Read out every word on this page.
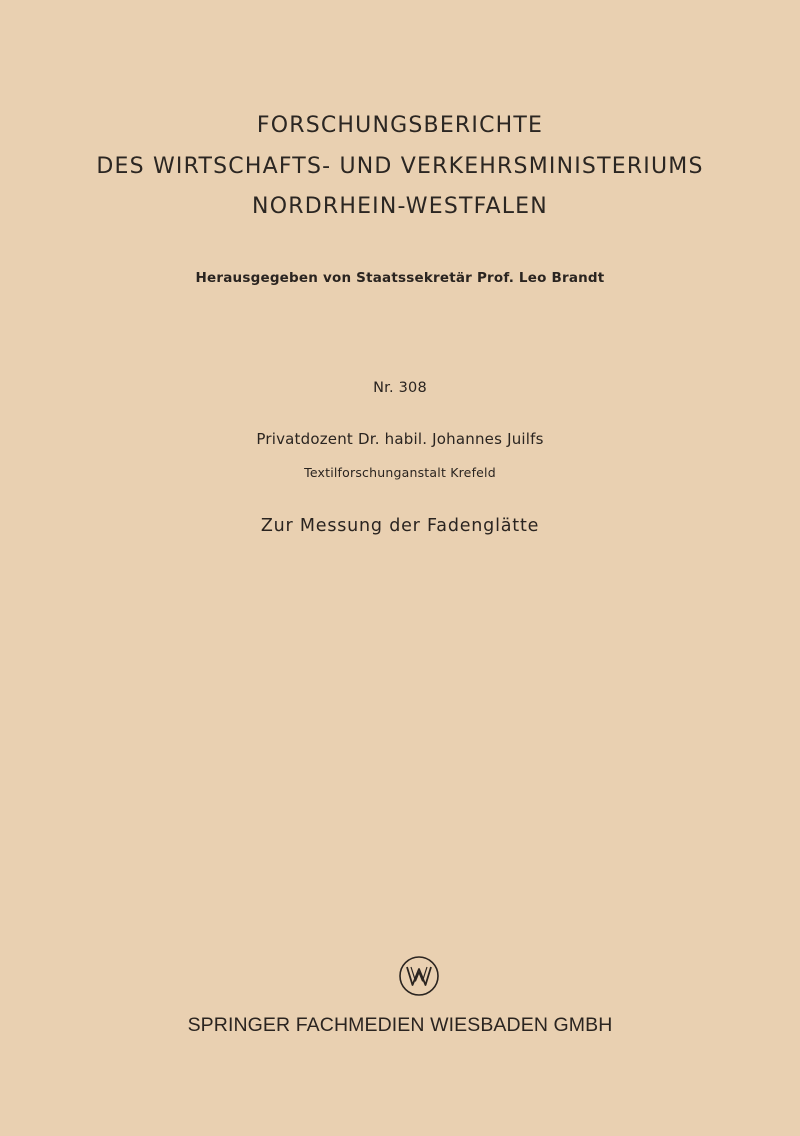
FORSCHUNGSBERICHTE
DES WIRTSCHAFTS- UND VERKEHRSMINISTERIUMS
NORDRHEIN-WESTFALEN
Herausgegeben von Staatssekretär Prof. Leo Brandt
Nr. 308
Privatdozent Dr. habil. Johannes Juilfs
Textilforschunganstalt Krefeld
Zur Messung der Fadenglätte
SPRINGER FACHMEDIEN WIESBADEN GMBH
